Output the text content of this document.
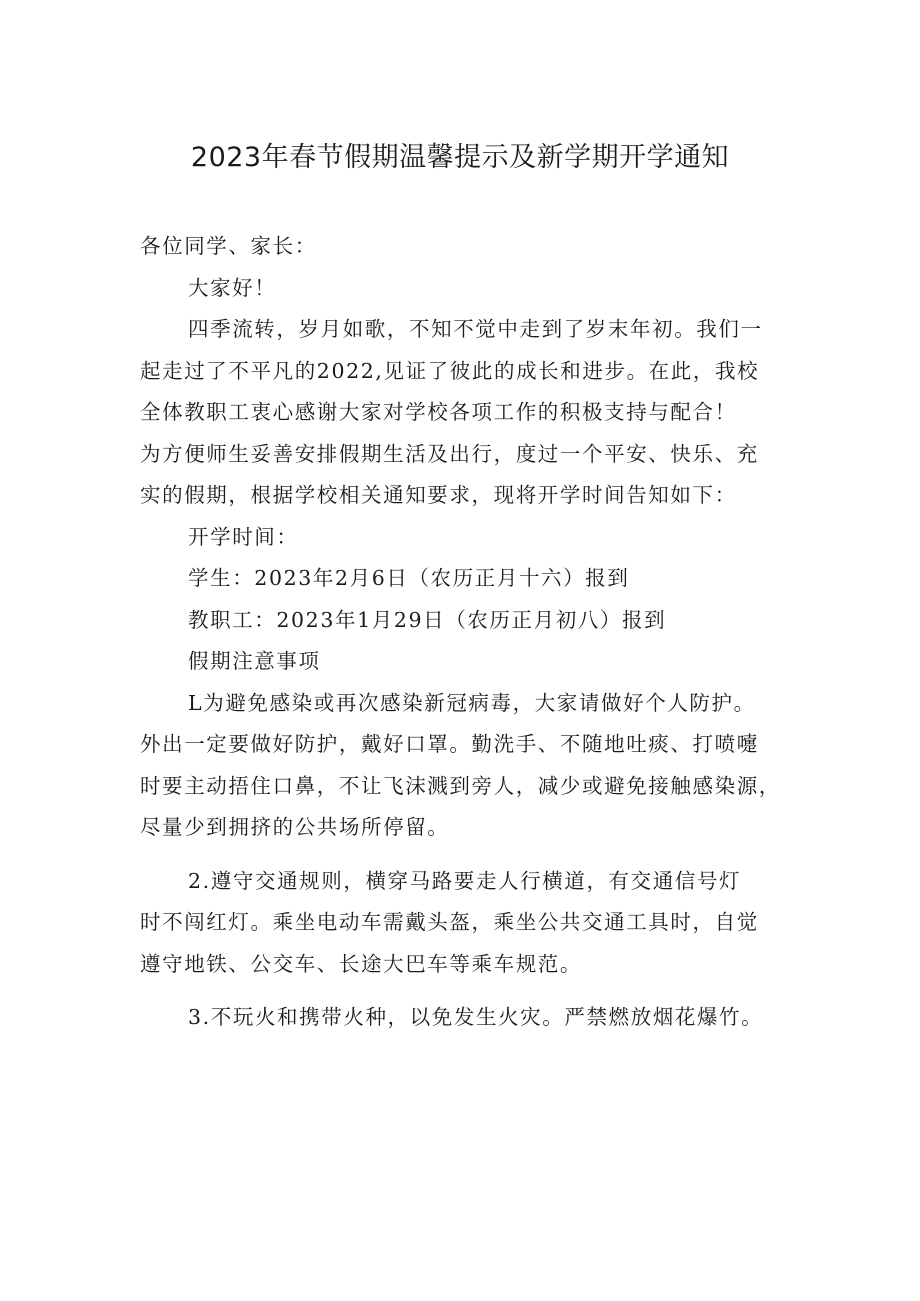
2023年春节假期温馨提示及新学期开学通知

各位同学、家长：

大家好！

四季流转，岁月如歌，不知不觉中走到了岁末年初。我们一
起走过了不平凡的2022,见证了彼此的成长和进步。在此，我校
全体教职工衷心感谢大家对学校各项工作的积极支持与配合！
为方便师生妥善安排假期生活及出行，度过一个平安、快乐、充
实的假期，根据学校相关通知要求，现将开学时间告知如下：

开学时间：

学生：2023年2月6日（农历正月十六）报到

教职工：2023年1月29日（农历正月初八）报到

假期注意事项

L为避免感染或再次感染新冠病毒，大家请做好个人防护。
外出一定要做好防护，戴好口罩。勤洗手、不随地吐痰、打喷嚏
时要主动捂住口鼻，不让飞沫溅到旁人，减少或避免接触感染源，
尽量少到拥挤的公共场所停留。

2.遵守交通规则，横穿马路要走人行横道，有交通信号灯
时不闯红灯。乘坐电动车需戴头盔，乘坐公共交通工具时，自觉
遵守地铁、公交车、长途大巴车等乘车规范。

3.不玩火和携带火种，以免发生火灾。严禁燃放烟花爆竹。
